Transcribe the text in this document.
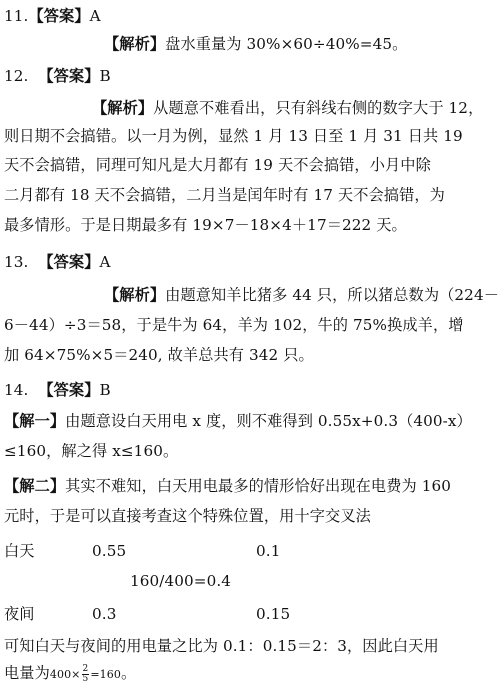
11.【答案】A
【解析】盘水重量为 30%×60÷40%=45。
12. 【答案】B
【解析】从题意不难看出，只有斜线右侧的数字大于 12，
则日期不会搞错。以一月为例，显然 1 月 13 日至 1 月 31 日共 19
天不会搞错，同理可知凡是大月都有 19 天不会搞错，小月中除
二月都有 18 天不会搞错，二月当是闰年时有 17 天不会搞错，为
最多情形。于是日期最多有 19×7－18×4＋17＝222 天。
13. 【答案】A
【解析】由题意知羊比猪多 44 只，所以猪总数为（224－
6－44）÷3＝58，于是牛为 64，羊为 102，牛的 75%换成羊，增
加 64×75%×5＝240, 故羊总共有 342 只。
14. 【答案】B
【解一】由题意设白天用电 x 度，则不难得到 0.55x+0.3（400-x）
≤160，解之得 x≤160。
【解二】其实不难知，白天用电最多的情形恰好出现在电费为 160
元时，于是可以直接考查这个特殊位置，用十字交叉法
白天	0.55	0.1
160/400=0.4
夜间	0.3	0.15
可知白天与夜间的用电量之比为 0.1：0.15＝2：3，因此白天用
电量为$400\times \frac{2}{5} =160$。
